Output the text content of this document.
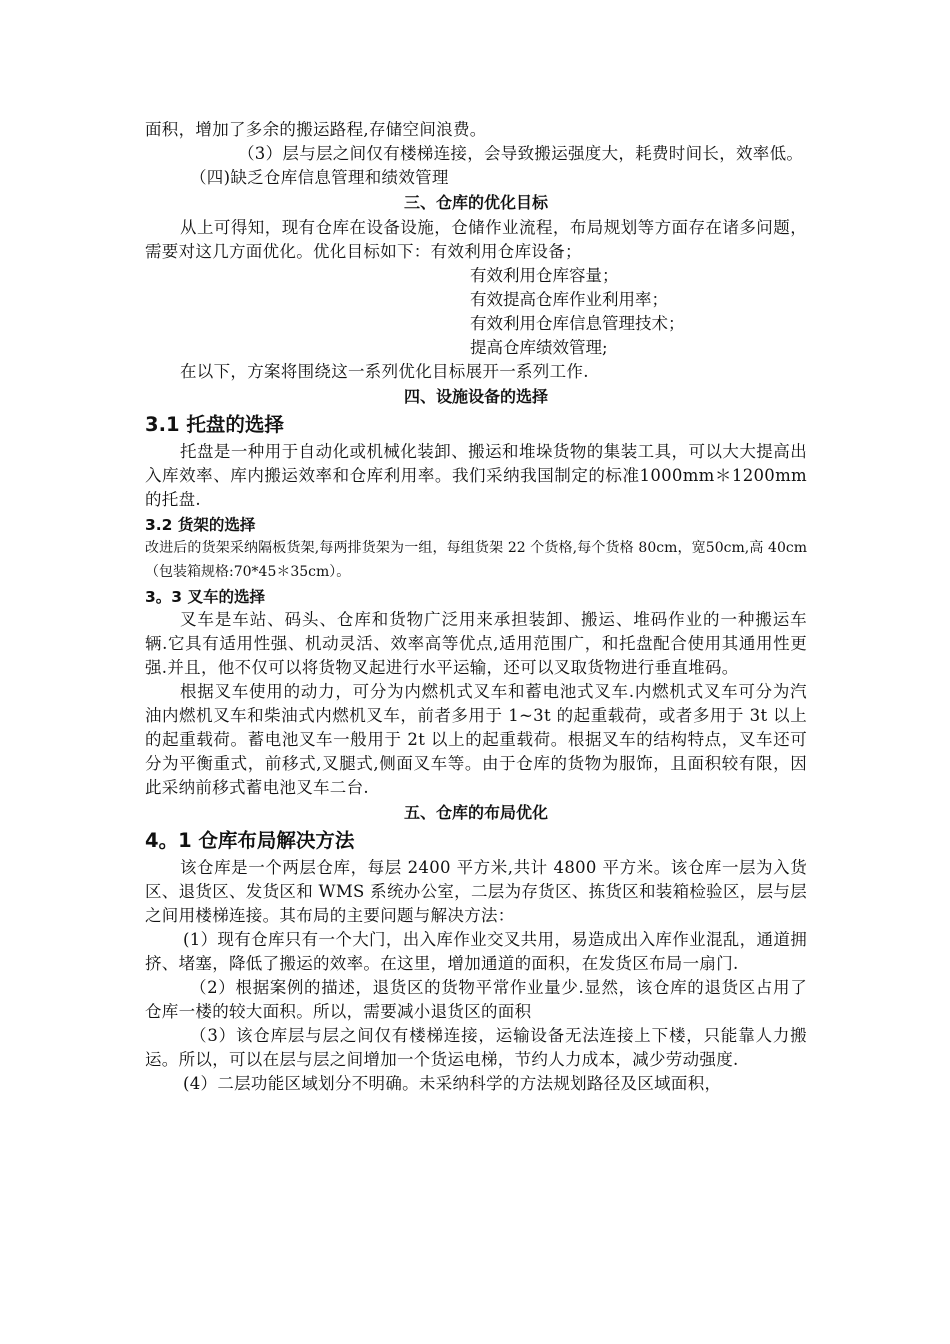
面积，增加了多余的搬运路程,存储空间浪费。

（3）层与层之间仅有楼梯连接，会导致搬运强度大，耗费时间长，效率低。

（四)缺乏仓库信息管理和绩效管理

三、仓库的优化目标

从上可得知，现有仓库在设备设施，仓储作业流程，布局规划等方面存在诸多问题，需要对这几方面优化。优化目标如下：有效利用仓库设备；

有效利用仓库容量；

有效提高仓库作业利用率；

有效利用仓库信息管理技术；

提高仓库绩效管理;

在以下，方案将围绕这一系列优化目标展开一系列工作.

四、设施设备的选择

3.1 托盘的选择

托盘是一种用于自动化或机械化装卸、搬运和堆垛货物的集装工具，可以大大提高出入库效率、库内搬运效率和仓库利用率。我们采纳我国制定的标准1000mm＊1200mm 的托盘.

3.2 货架的选择

改进后的货架采纳隔板货架,每两排货架为一组，每组货架 22 个货格,每个货格 80cm，宽50cm,高 40cm（包装箱规格:70*45＊35cm）。

3。3 叉车的选择

叉车是车站、码头、仓库和货物广泛用来承担装卸、搬运、堆码作业的一种搬运车辆.它具有适用性强、机动灵活、效率高等优点,适用范围广，和托盘配合使用其通用性更强.并且，他不仅可以将货物叉起进行水平运输，还可以叉取货物进行垂直堆码。

根据叉车使用的动力，可分为内燃机式叉车和蓄电池式叉车.内燃机式叉车可分为汽油内燃机叉车和柴油式内燃机叉车，前者多用于 1~3t 的起重载荷，或者多用于 3t 以上的起重载荷。蓄电池叉车一般用于 2t 以上的起重载荷。根据叉车的结构特点，叉车还可分为平衡重式，前移式,叉腿式,侧面叉车等。由于仓库的货物为服饰，且面积较有限，因此采纳前移式蓄电池叉车二台.

五、仓库的布局优化

4。1 仓库布局解决方法

该仓库是一个两层仓库，每层 2400 平方米,共计 4800 平方米。该仓库一层为入货区、退货区、发货区和 WMS 系统办公室，二层为存货区、拣货区和装箱检验区，层与层之间用楼梯连接。其布局的主要问题与解决方法：

(1）现有仓库只有一个大门，出入库作业交叉共用，易造成出入库作业混乱，通道拥挤、堵塞，降低了搬运的效率。在这里，增加通道的面积，在发货区布局一扇门.

（2）根据案例的描述，退货区的货物平常作业量少.显然，该仓库的退货区占用了仓库一楼的较大面积。所以，需要减小退货区的面积

（3）该仓库层与层之间仅有楼梯连接，运输设备无法连接上下楼，只能靠人力搬运。所以，可以在层与层之间增加一个货运电梯，节约人力成本，减少劳动强度.

(4）二层功能区域划分不明确。未采纳科学的方法规划路径及区域面积，
